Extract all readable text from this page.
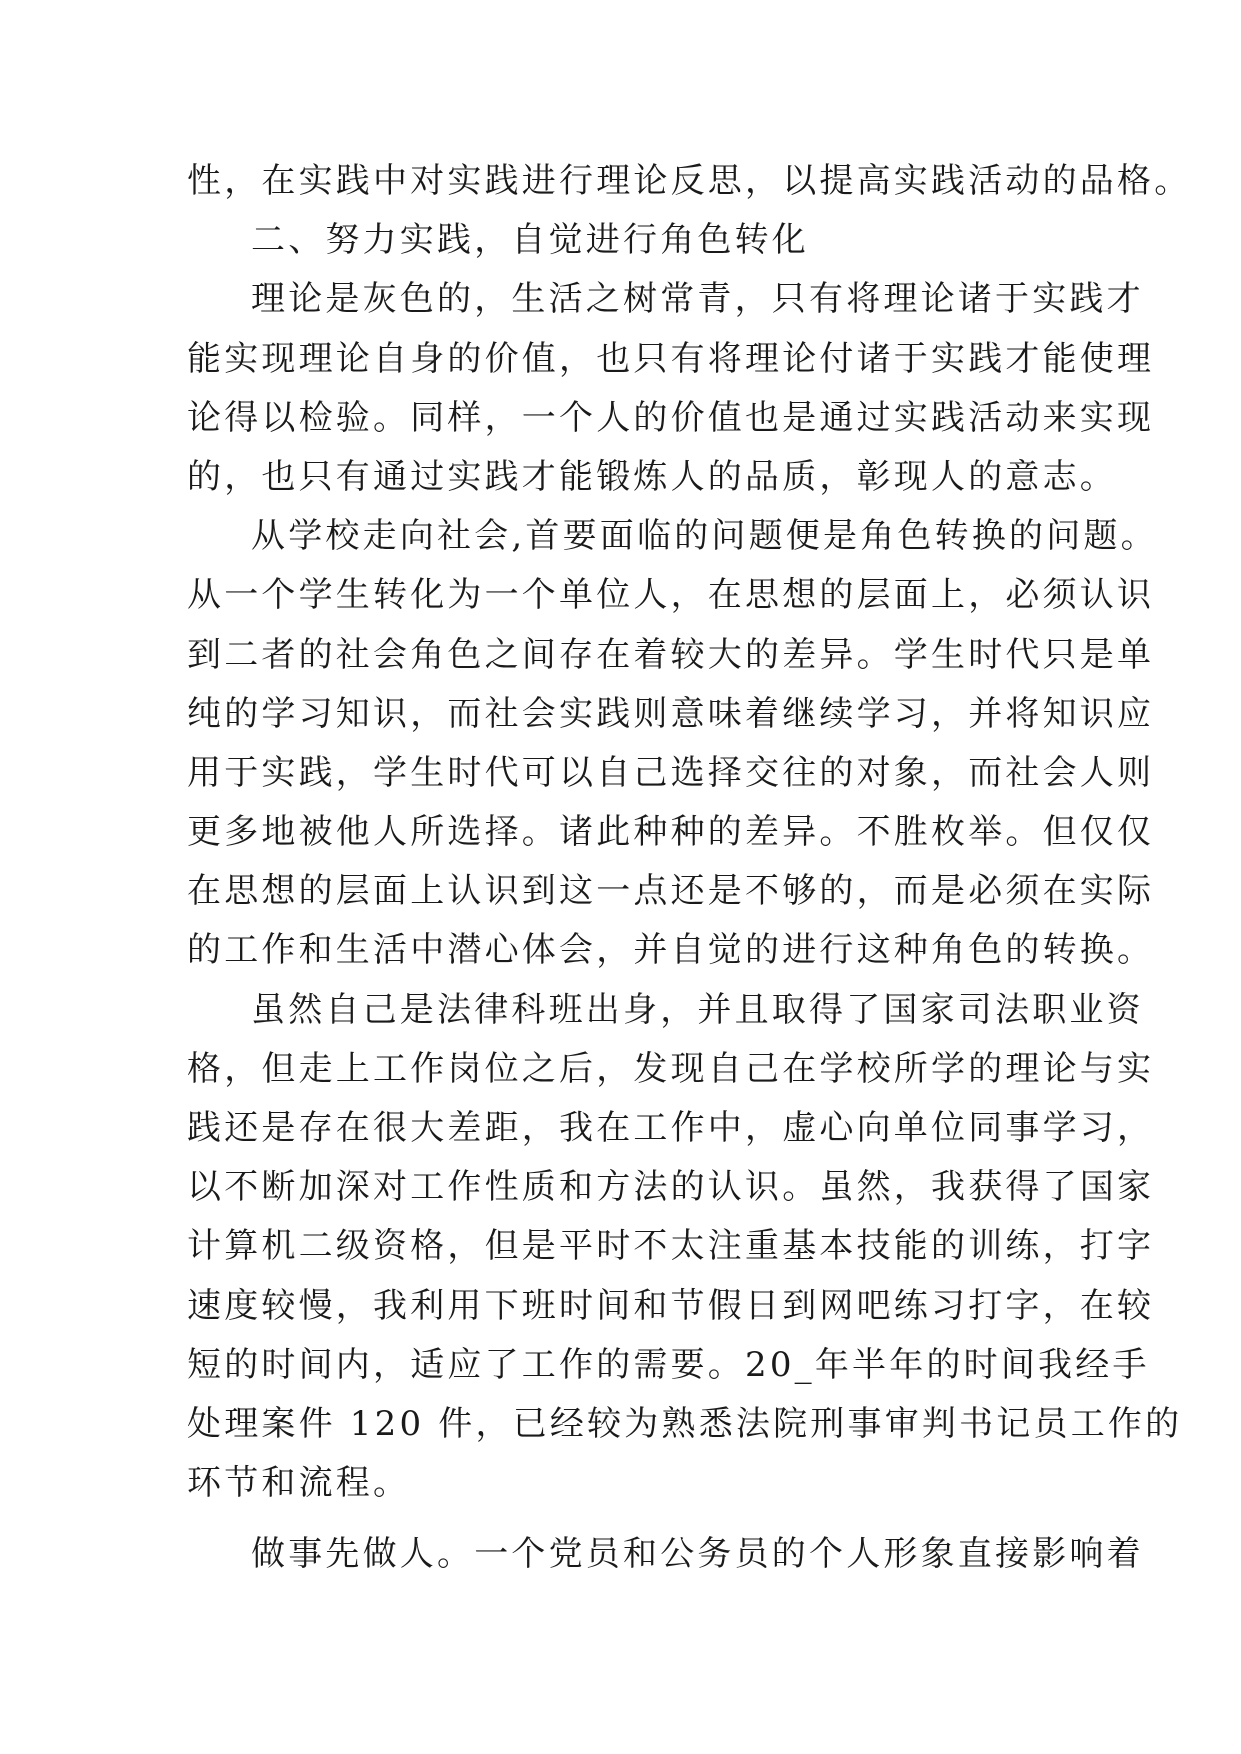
性，在实践中对实践进行理论反思，以提高实践活动的品格。
二、努力实践，自觉进行角色转化
理论是灰色的，生活之树常青，只有将理论诸于实践才
能实现理论自身的价值，也只有将理论付诸于实践才能使理
论得以检验。同样，一个人的价值也是通过实践活动来实现
的，也只有通过实践才能锻炼人的品质，彰现人的意志。
从学校走向社会,首要面临的问题便是角色转换的问题。
从一个学生转化为一个单位人，在思想的层面上，必须认识
到二者的社会角色之间存在着较大的差异。学生时代只是单
纯的学习知识，而社会实践则意味着继续学习，并将知识应
用于实践，学生时代可以自己选择交往的对象，而社会人则
更多地被他人所选择。诸此种种的差异。不胜枚举。但仅仅
在思想的层面上认识到这一点还是不够的，而是必须在实际
的工作和生活中潜心体会，并自觉的进行这种角色的转换。
虽然自己是法律科班出身，并且取得了国家司法职业资
格，但走上工作岗位之后，发现自己在学校所学的理论与实
践还是存在很大差距，我在工作中，虚心向单位同事学习，
以不断加深对工作性质和方法的认识。虽然，我获得了国家
计算机二级资格，但是平时不太注重基本技能的训练，打字
速度较慢，我利用下班时间和节假日到网吧练习打字，在较
短的时间内，适应了工作的需要。20_年半年的时间我经手
处理案件 120 件，已经较为熟悉法院刑事审判书记员工作的
环节和流程。
做事先做人。一个党员和公务员的个人形象直接影响着
